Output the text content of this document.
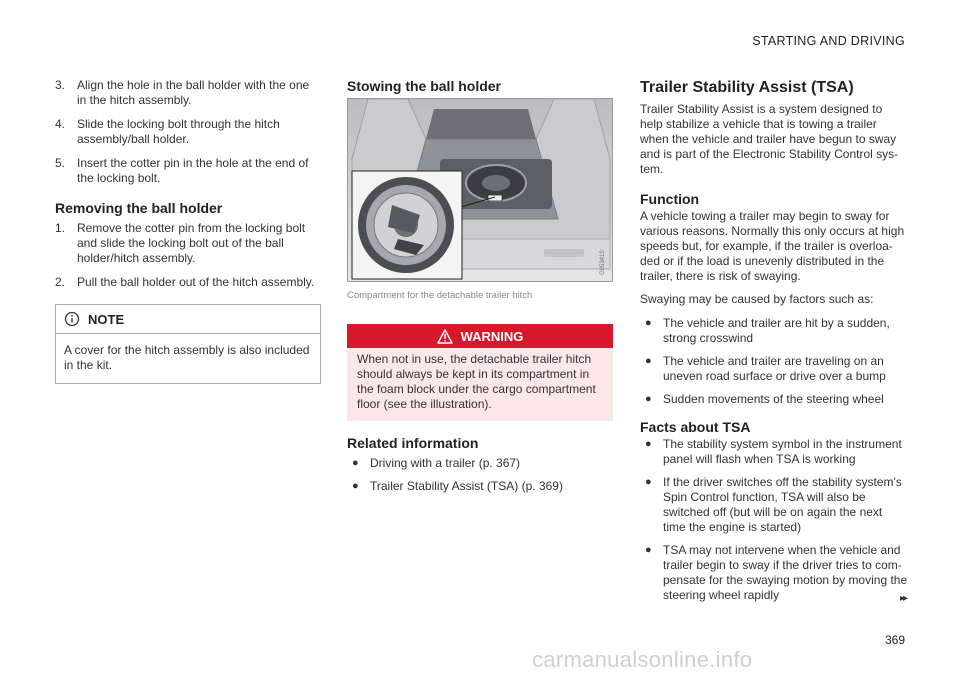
STARTING AND DRIVING
3. Align the hole in the ball holder with the one in the hitch assembly.
4. Slide the locking bolt through the hitch assembly/ball holder.
5. Insert the cotter pin in the hole at the end of the locking bolt.
Removing the ball holder
1. Remove the cotter pin from the locking bolt and slide the locking bolt out of the ball holder/hitch assembly.
2. Pull the ball holder out of the hitch assembly.
NOTE

A cover for the hitch assembly is also included in the kit.

Stowing the ball holder
G053419

Compartment for the detachable trailer hitch

WARNING

When not in use, the detachable trailer hitch should always be kept in its compartment in the foam block under the cargo compartment floor (see the illustration).

Related information
● Driving with a trailer (p. 367)
● Trailer Stability Assist (TSA) (p. 369)
Trailer Stability Assist (TSA)

Trailer Stability Assist is a system designed to help stabilize a vehicle that is towing a trailer when the vehicle and trailer have begun to sway and is part of the Electronic Stability Control sys-tem.

Function

A vehicle towing a trailer may begin to sway for various reasons. Normally this only occurs at high speeds but, for example, if the trailer is overloa-ded or if the load is unevenly distributed in the trailer, there is risk of swaying.

Swaying may be caused by factors such as:

● The vehicle and trailer are hit by a sudden, strong crosswind
● The vehicle and trailer are traveling on an uneven road surface or drive over a bump
● Sudden movements of the steering wheel
Facts about TSA
● The stability system symbol in the instrument panel will flash when TSA is working
● If the driver switches off the stability system's Spin Control function, TSA will also be switched off (but will be on again the next time the engine is started)
● TSA may not intervene when the vehicle and trailer begin to sway if the driver tries to com-pensate for the swaying motion by moving the steering wheel rapidly	▸▸
369
carmanualsonline.info
